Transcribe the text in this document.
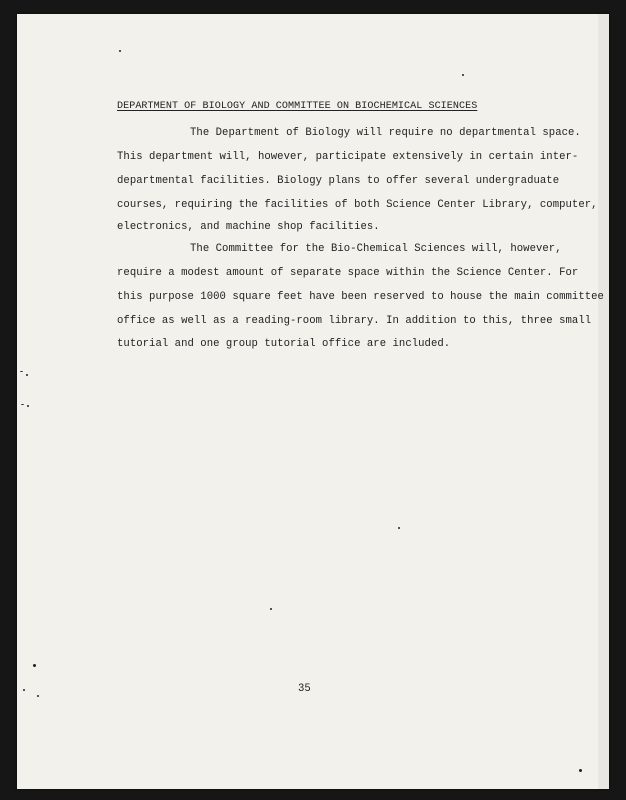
DEPARTMENT OF BIOLOGY AND COMMITTEE ON BIOCHEMICAL SCIENCES
The Department of Biology will require no departmental space.
This department will, however, participate extensively in certain inter-
departmental facilities. Biology plans to offer several undergraduate
courses, requiring the facilities of both Science Center Library, computer,
electronics, and machine shop facilities.
The Committee for the Bio-Chemical Sciences will, however,
require a modest amount of separate space within the Science Center. For
this purpose 1000 square feet have been reserved to house the main committee
office as well as a reading-room library. In addition to this, three small
tutorial and one group tutorial office are included.
35
